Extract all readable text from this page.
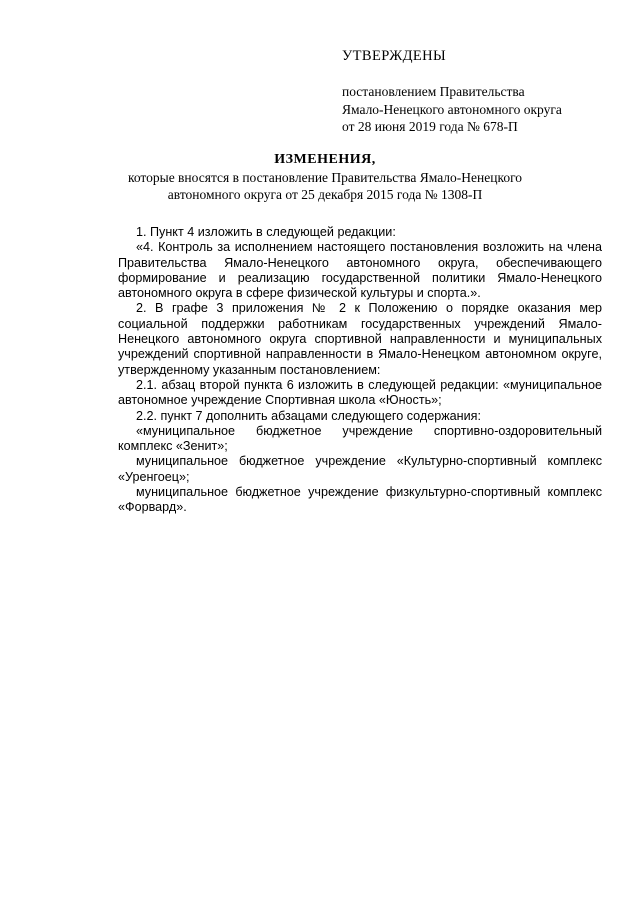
УТВЕРЖДЕНЫ
постановлением Правительства
Ямало-Ненецкого автономного округа
от 28 июня 2019 года № 678-П
ИЗМЕНЕНИЯ,
которые вносятся в постановление Правительства Ямало-Ненецкого
автономного округа от 25 декабря 2015 года № 1308-П

1. Пункт 4 изложить в следующей редакции:

«4. Контроль за исполнением настоящего постановления возложить на члена Правительства Ямало-Ненецкого автономного округа, обеспечивающего формирование и реализацию государственной политики Ямало-Ненецкого автономного округа в сфере физической культуры и спорта.».

2. В графе 3 приложения № 2 к Положению о порядке оказания мер социальной поддержки работникам государственных учреждений Ямало-Ненецкого автономного округа спортивной направленности и муниципальных учреждений спортивной направленности в Ямало-Ненецком автономном округе, утвержденному указанным постановлением:

2.1. абзац второй пункта 6 изложить в следующей редакции: «муниципальное автономное учреждение Спортивная школа «Юность»;

2.2. пункт 7 дополнить абзацами следующего содержания:

«муниципальное бюджетное учреждение спортивно-оздоровительный комплекс «Зенит»;

муниципальное бюджетное учреждение «Культурно-спортивный комплекс «Уренгоец»;

муниципальное бюджетное учреждение физкультурно-спортивный комплекс «Форвард».
